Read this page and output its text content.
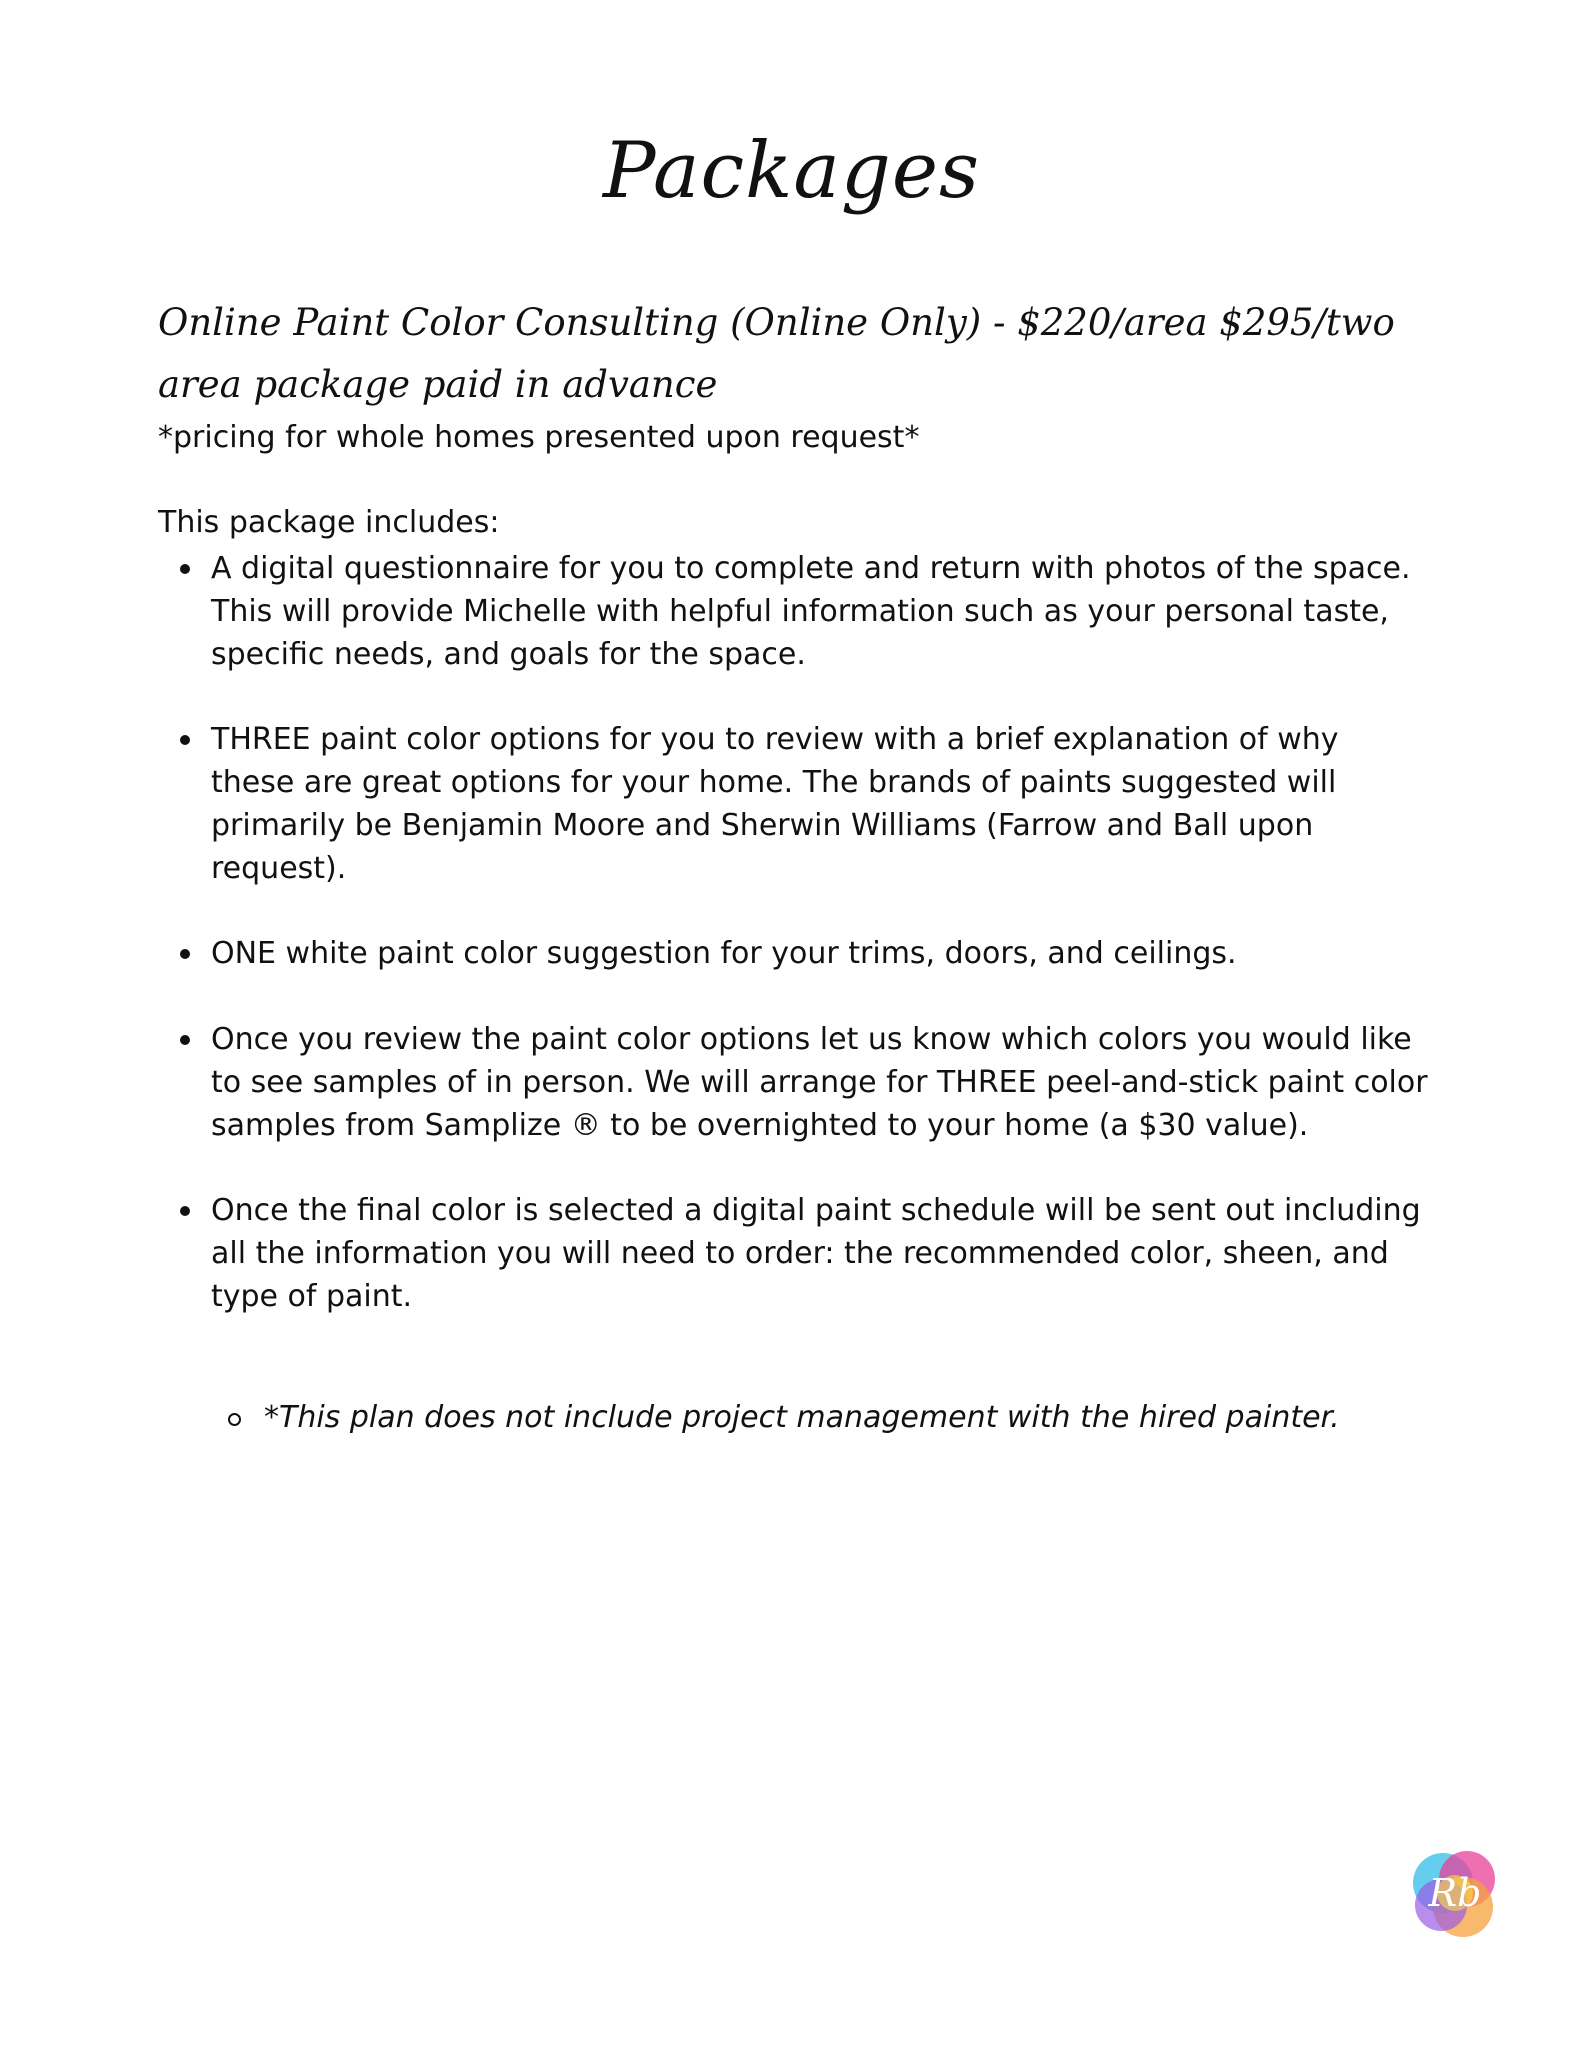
Packages
Online Paint Color Consulting (Online Only) - $220/area $295/two area package paid in advance

*pricing for whole homes presented upon request*

This package includes:

A digital questionnaire for you to complete and return with photos of the space. This will provide Michelle with helpful information such as your personal taste, specific needs, and goals for the space.
THREE paint color options for you to review with a brief explanation of why these are great options for your home. The brands of paints suggested will primarily be Benjamin Moore and Sherwin Williams (Farrow and Ball upon request).
ONE white paint color suggestion for your trims, doors, and ceilings.
Once you review the paint color options let us know which colors you would like to see samples of in person. We will arrange for THREE peel-and-stick paint color samples from Samplize ® to be overnighted to your home (a $30 value).
Once the final color is selected a digital paint schedule will be sent out including all the information you will need to order: the recommended color, sheen, and type of paint.

*This plan does not include project management with the hired painter.

Rb
